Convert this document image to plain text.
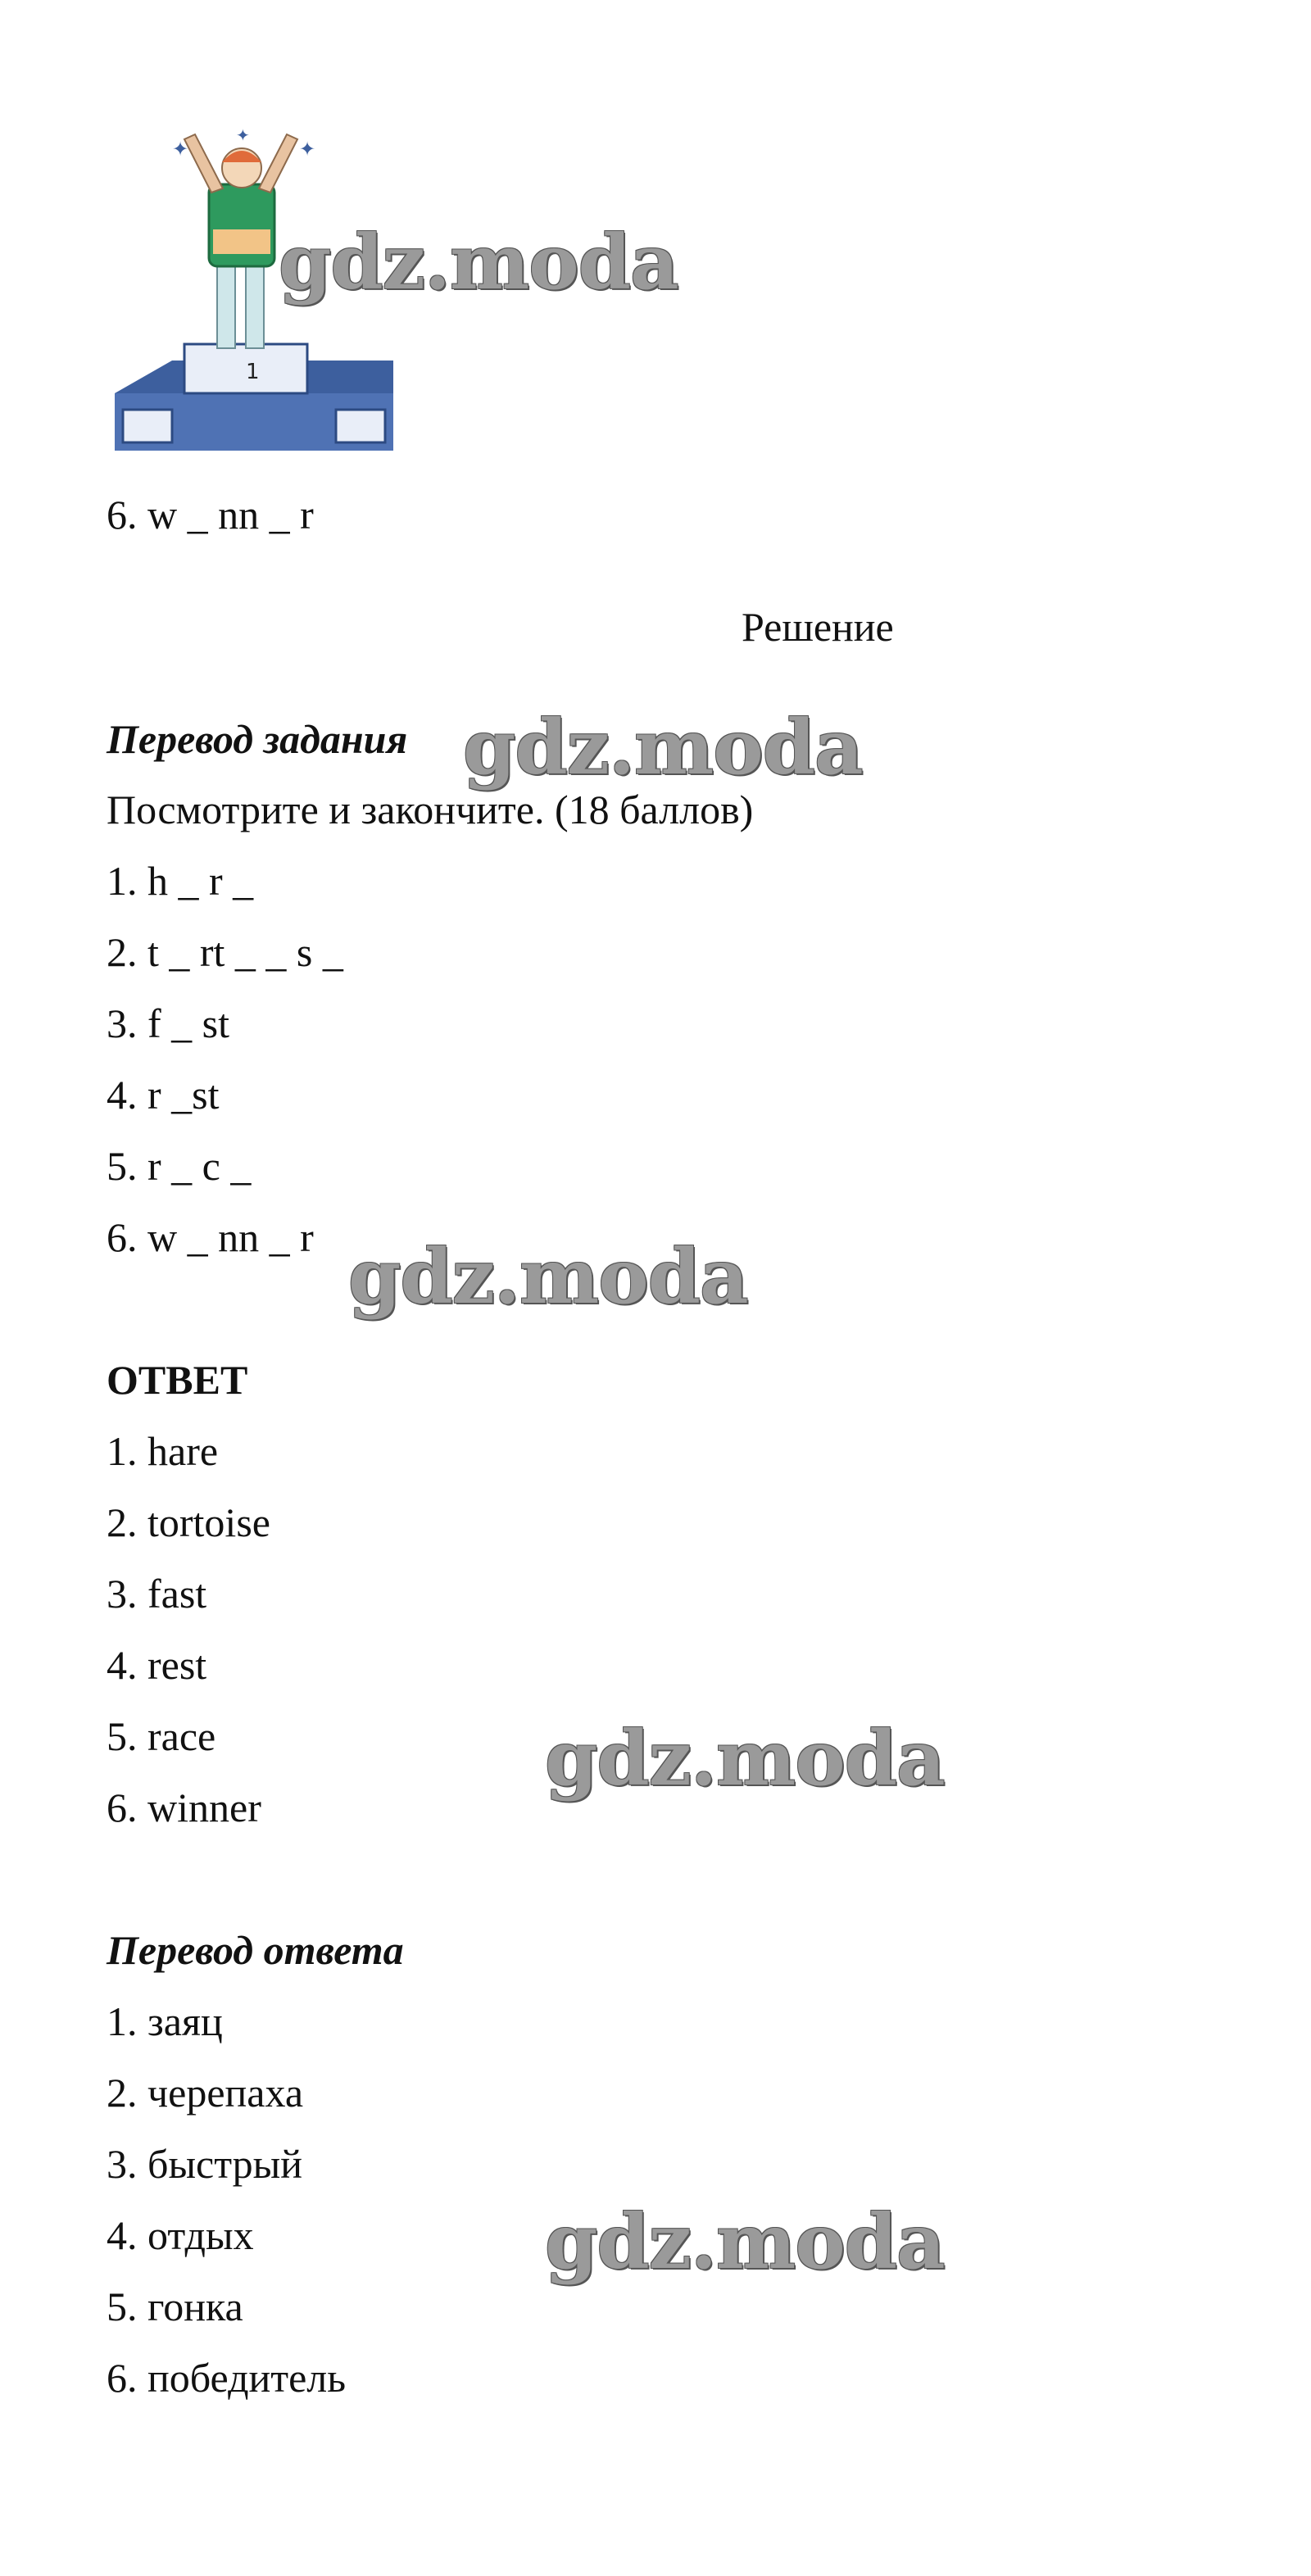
1
✦	✦
✦
gdz.moda
6. w _ nn _ r
Решение
Перевод задания gdz.moda
Посмотрите и закончите. (18 баллов)
1. h _ r _
2. t _ rt _ _ s _
3. f _ st
4. r _st
5. r _ c _
6. w _ nn _ r gdz.moda
ОТВЕТ
1. hare
2. tortoise
3. fast
4. rest
5. race
6. winner
gdz.moda
Перевод ответа
1. заяц
2. черепаха
3. быстрый
4. отдых
5. гонка
6. победитель
gdz.moda
